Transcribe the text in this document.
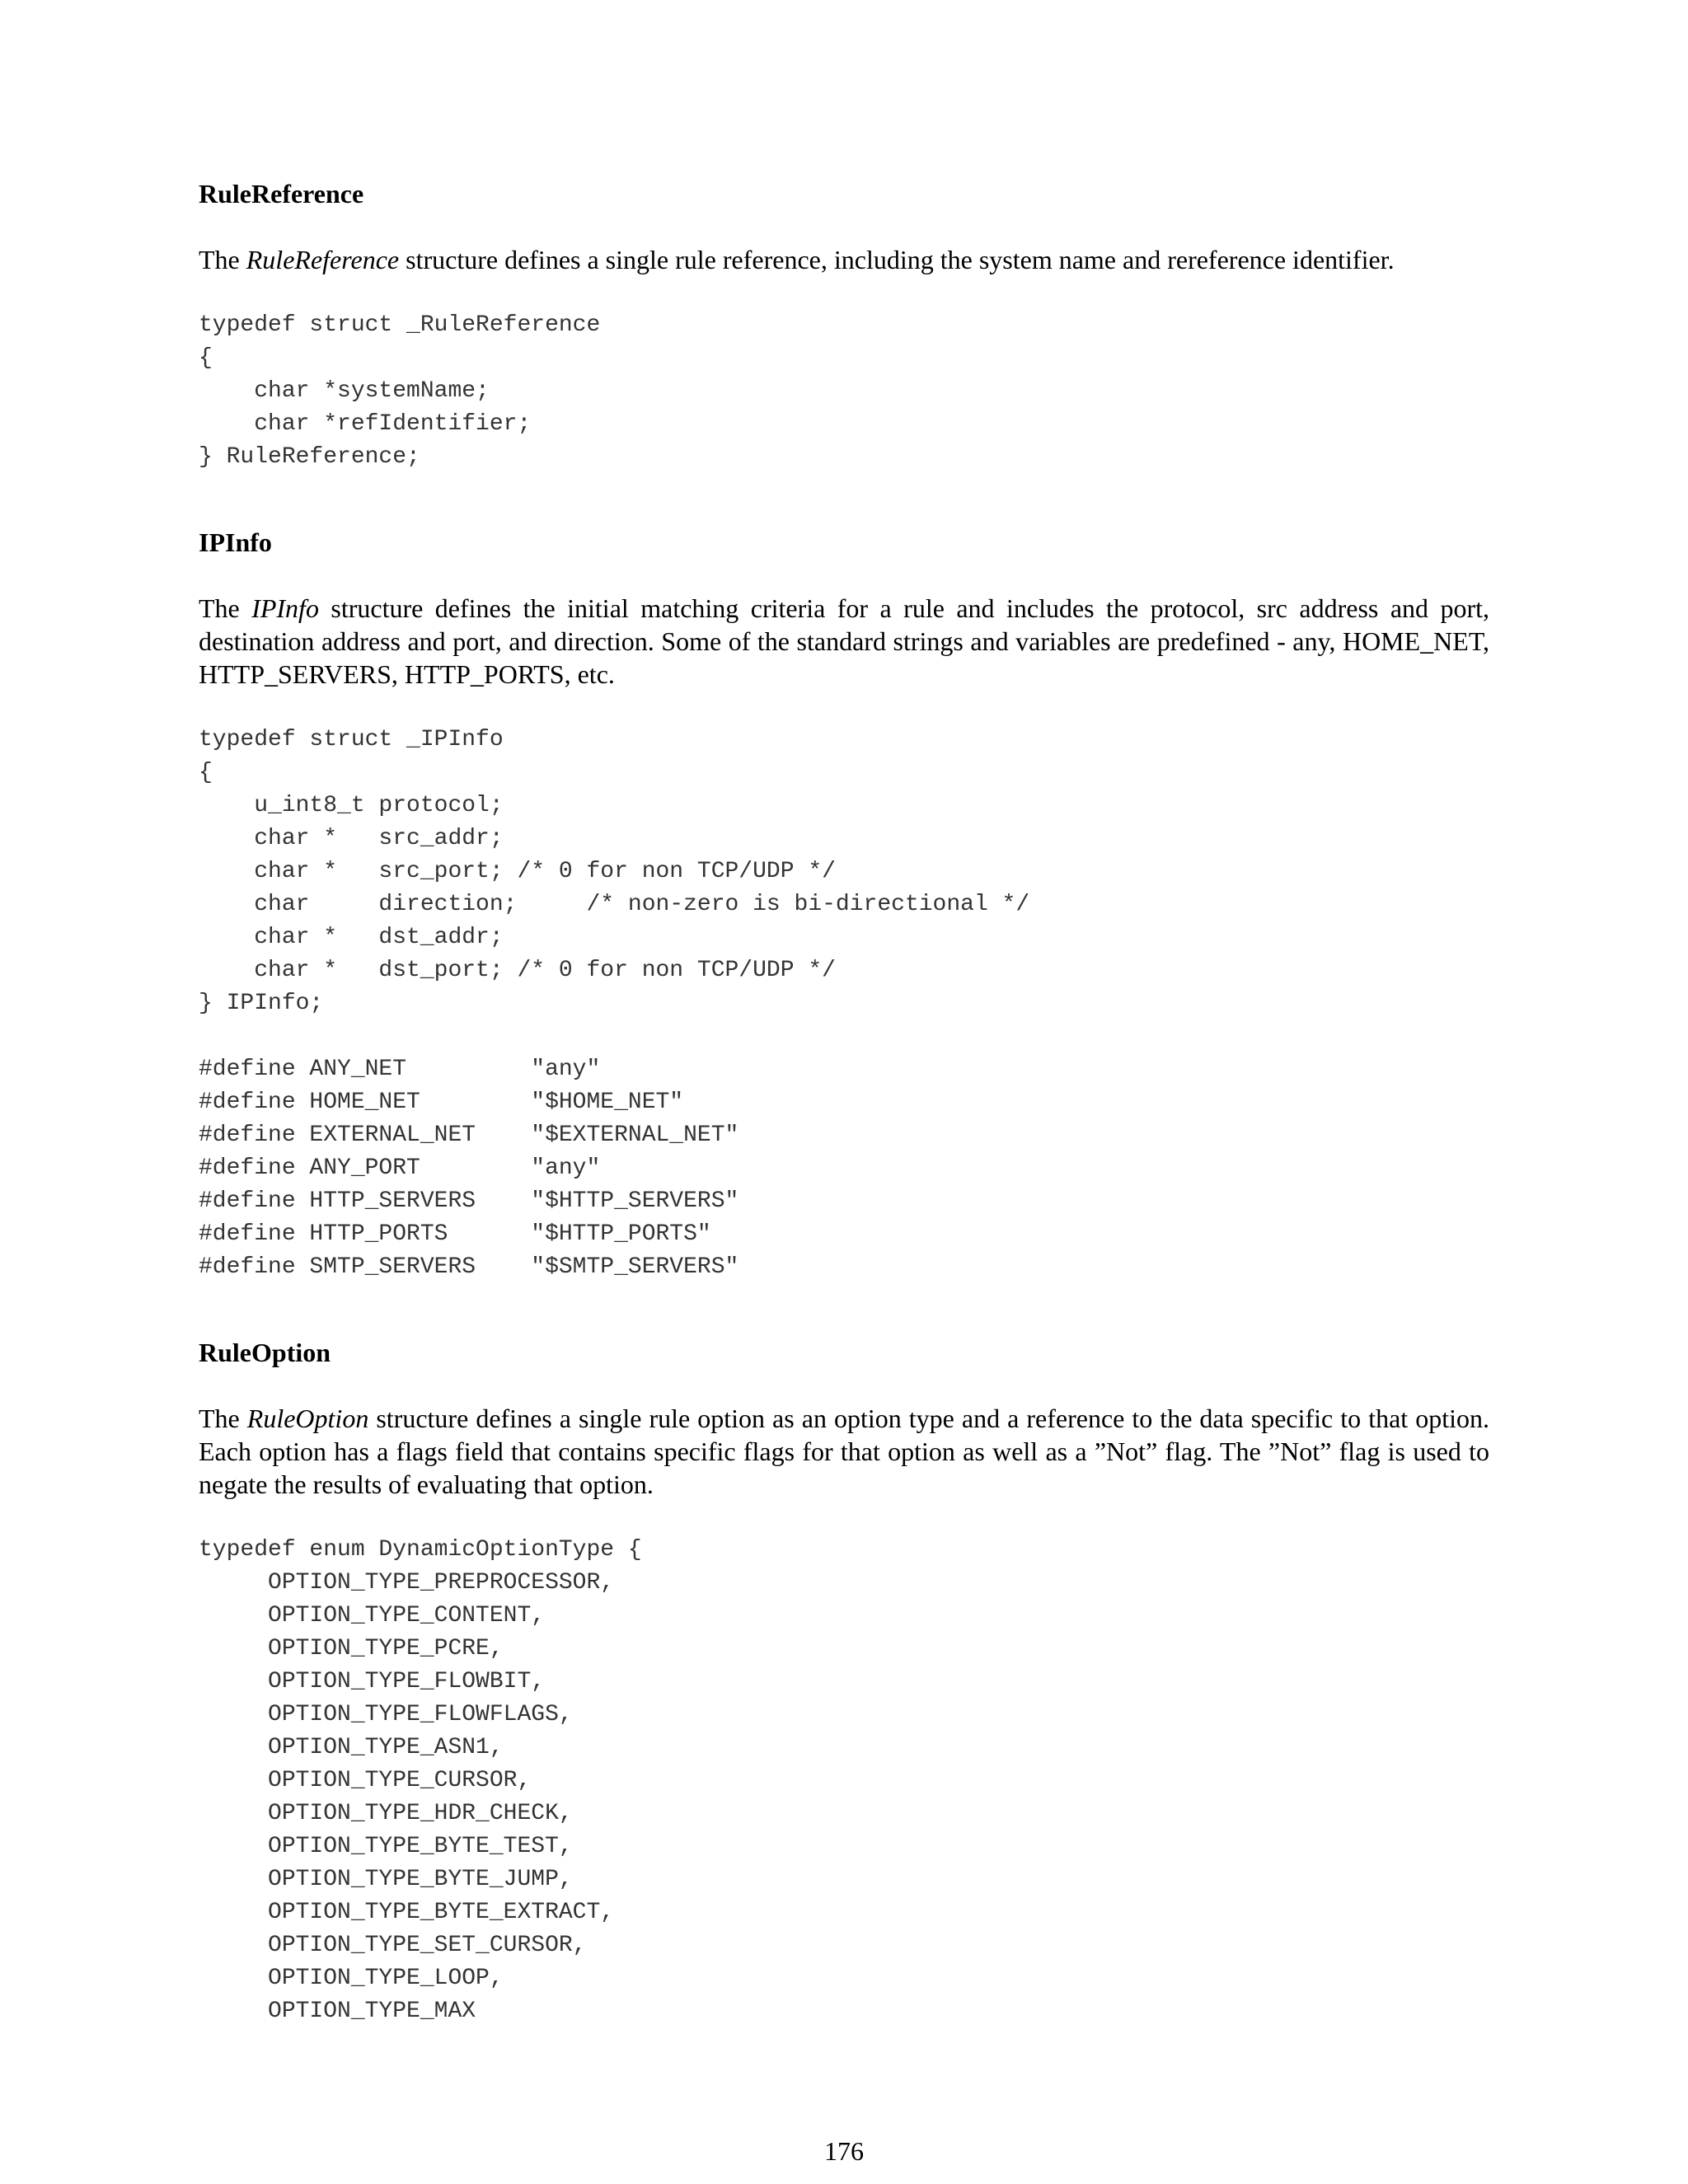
RuleReference

The RuleReference structure defines a single rule reference, including the system name and rereference identifier.

typedef struct _RuleReference
{
char *systemName;
char *refIdentifier;
} RuleReference;
IPInfo

The IPInfo structure defines the initial matching criteria for a rule and includes the protocol, src address and port, destination address and port, and direction. Some of the standard strings and variables are predefined - any, HOME_NET, HTTP_SERVERS, HTTP_PORTS, etc.

typedef struct _IPInfo
{
u_int8_t protocol;
char *   src_addr;
char *   src_port; /* 0 for non TCP/UDP */
char     direction;     /* non-zero is bi-directional */
char *   dst_addr;
char *   dst_port; /* 0 for non TCP/UDP */
} IPInfo;
#define ANY_NET         "any"
#define HOME_NET        "$HOME_NET"
#define EXTERNAL_NET    "$EXTERNAL_NET"
#define ANY_PORT        "any"
#define HTTP_SERVERS    "$HTTP_SERVERS"
#define HTTP_PORTS      "$HTTP_PORTS"
#define SMTP_SERVERS    "$SMTP_SERVERS"
RuleOption

The RuleOption structure defines a single rule option as an option type and a reference to the data specific to that option. Each option has a flags field that contains specific flags for that option as well as a ”Not” flag. The ”Not” flag is used to negate the results of evaluating that option.

typedef enum DynamicOptionType {
OPTION_TYPE_PREPROCESSOR,
OPTION_TYPE_CONTENT,
OPTION_TYPE_PCRE,
OPTION_TYPE_FLOWBIT,
OPTION_TYPE_FLOWFLAGS,
OPTION_TYPE_ASN1,
OPTION_TYPE_CURSOR,
OPTION_TYPE_HDR_CHECK,
OPTION_TYPE_BYTE_TEST,
OPTION_TYPE_BYTE_JUMP,
OPTION_TYPE_BYTE_EXTRACT,
OPTION_TYPE_SET_CURSOR,
OPTION_TYPE_LOOP,
OPTION_TYPE_MAX
176
